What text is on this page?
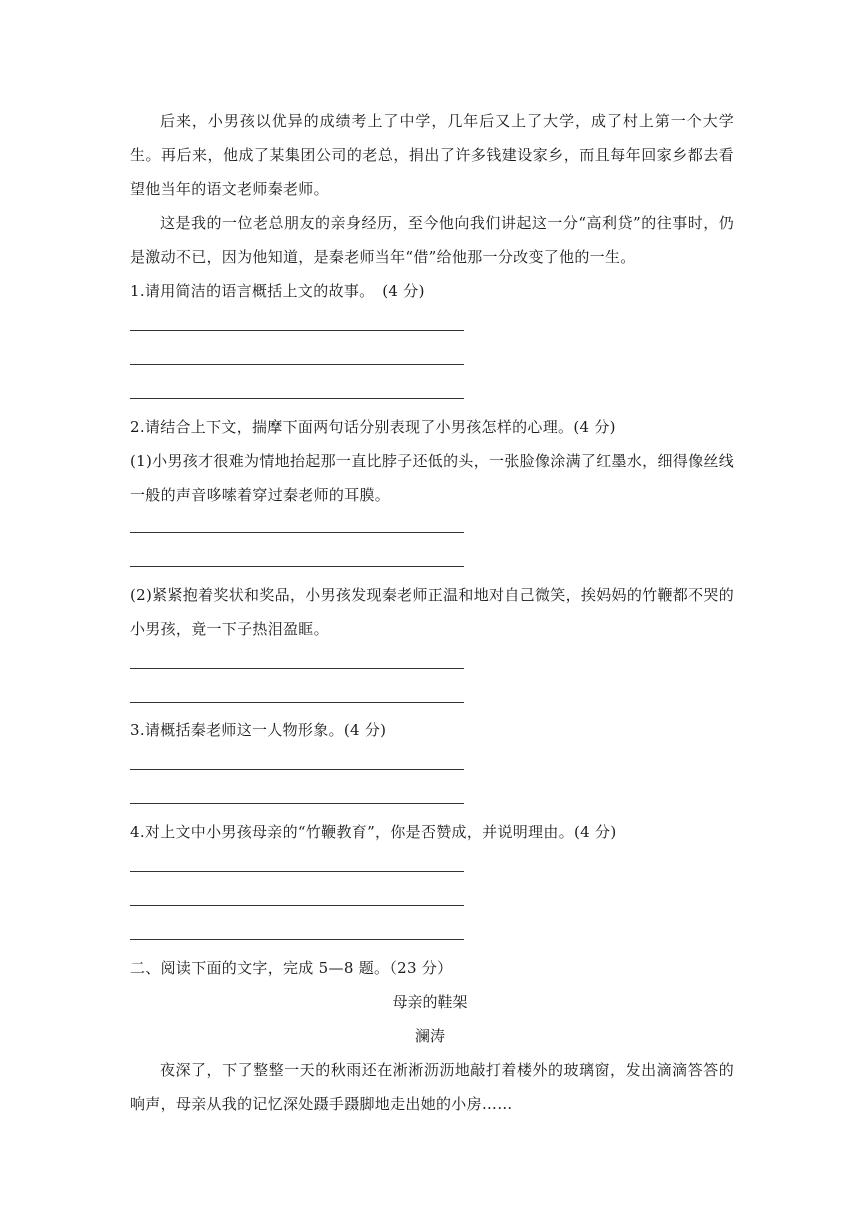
后来，小男孩以优异的成绩考上了中学，几年后又上了大学，成了村上第一个大学生。再后来，他成了某集团公司的老总，捐出了许多钱建设家乡，而且每年回家乡都去看望他当年的语文老师秦老师。

这是我的一位老总朋友的亲身经历，至今他向我们讲起这一分“高利贷”的往事时，仍是激动不已，因为他知道，是秦老师当年“借”给他那一分改变了他的一生。

1.请用简洁的语言概括上文的故事。　(4 分)

2.请结合上下文，揣摩下面两句话分别表现了小男孩怎样的心理。(4 分)

(1)小男孩才很难为情地抬起那一直比脖子还低的头，一张脸像涂满了红墨水，细得像丝线一般的声音哆嗦着穿过秦老师的耳膜。

(2)紧紧抱着奖状和奖品，小男孩发现秦老师正温和地对自己微笑，挨妈妈的竹鞭都不哭的小男孩，竟一下子热泪盈眶。

3.请概括秦老师这一人物形象。(4 分)

4.对上文中小男孩母亲的“竹鞭教育”，你是否赞成，并说明理由。(4 分)

二、阅读下面的文字，完成 5—8 题。（23 分）

母亲的鞋架
澜涛

夜深了，下了整整一天的秋雨还在淅淅沥沥地敲打着楼外的玻璃窗，发出滴滴答答的响声，母亲从我的记忆深处蹑手蹑脚地走出她的小房……
